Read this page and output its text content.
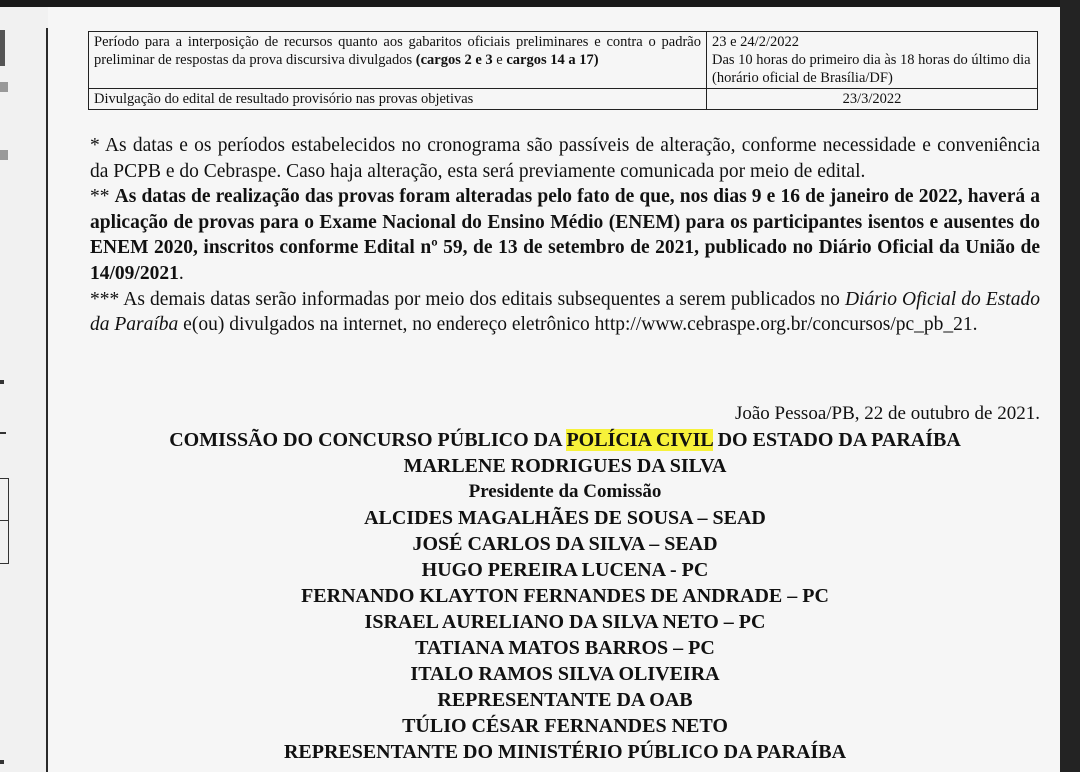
Período para a interposição de recursos quanto aos gabaritos oficiais preliminares e contra o padrão preliminar de respostas da prova discursiva divulgados (cargos 2 e 3 e cargos 14 a 17)	23 e 24/2/2022
Das 10 horas do primeiro dia às 18 horas do último dia (horário oficial de Brasília/DF)
Divulgação do edital de resultado provisório nas provas objetivas	23/3/2022

* As datas e os períodos estabelecidos no cronograma são passíveis de alteração, conforme necessidade e conveniência da PCPB e do Cebraspe. Caso haja alteração, esta será previamente comunicada por meio de edital.

** As datas de realização das provas foram alteradas pelo fato de que, nos dias 9 e 16 de janeiro de 2022, haverá a aplicação de provas para o Exame Nacional do Ensino Médio (ENEM) para os participantes isentos e ausentes do ENEM 2020, inscritos conforme Edital nº 59, de 13 de setembro de 2021, publicado no Diário Oficial da União de 14/09/2021.

*** As demais datas serão informadas por meio dos editais subsequentes a serem publicados no Diário Oficial do Estado da Paraíba e(ou) divulgados na internet, no endereço eletrônico http://www.cebraspe.org.br/concursos/pc_pb_21.

João Pessoa/PB, 22 de outubro de 2021.
COMISSÃO DO CONCURSO PÚBLICO DA POLÍCIA CIVIL DO ESTADO DA PARAÍBA
MARLENE RODRIGUES DA SILVA
Presidente da Comissão
ALCIDES MAGALHÃES DE SOUSA – SEAD
JOSÉ CARLOS DA SILVA – SEAD
HUGO PEREIRA LUCENA - PC
FERNANDO KLAYTON FERNANDES DE ANDRADE – PC
ISRAEL AURELIANO DA SILVA NETO – PC
TATIANA MATOS BARROS – PC
ITALO RAMOS SILVA OLIVEIRA
REPRESENTANTE DA OAB
TÚLIO CÉSAR FERNANDES NETO
REPRESENTANTE DO MINISTÉRIO PÚBLICO DA PARAÍBA
